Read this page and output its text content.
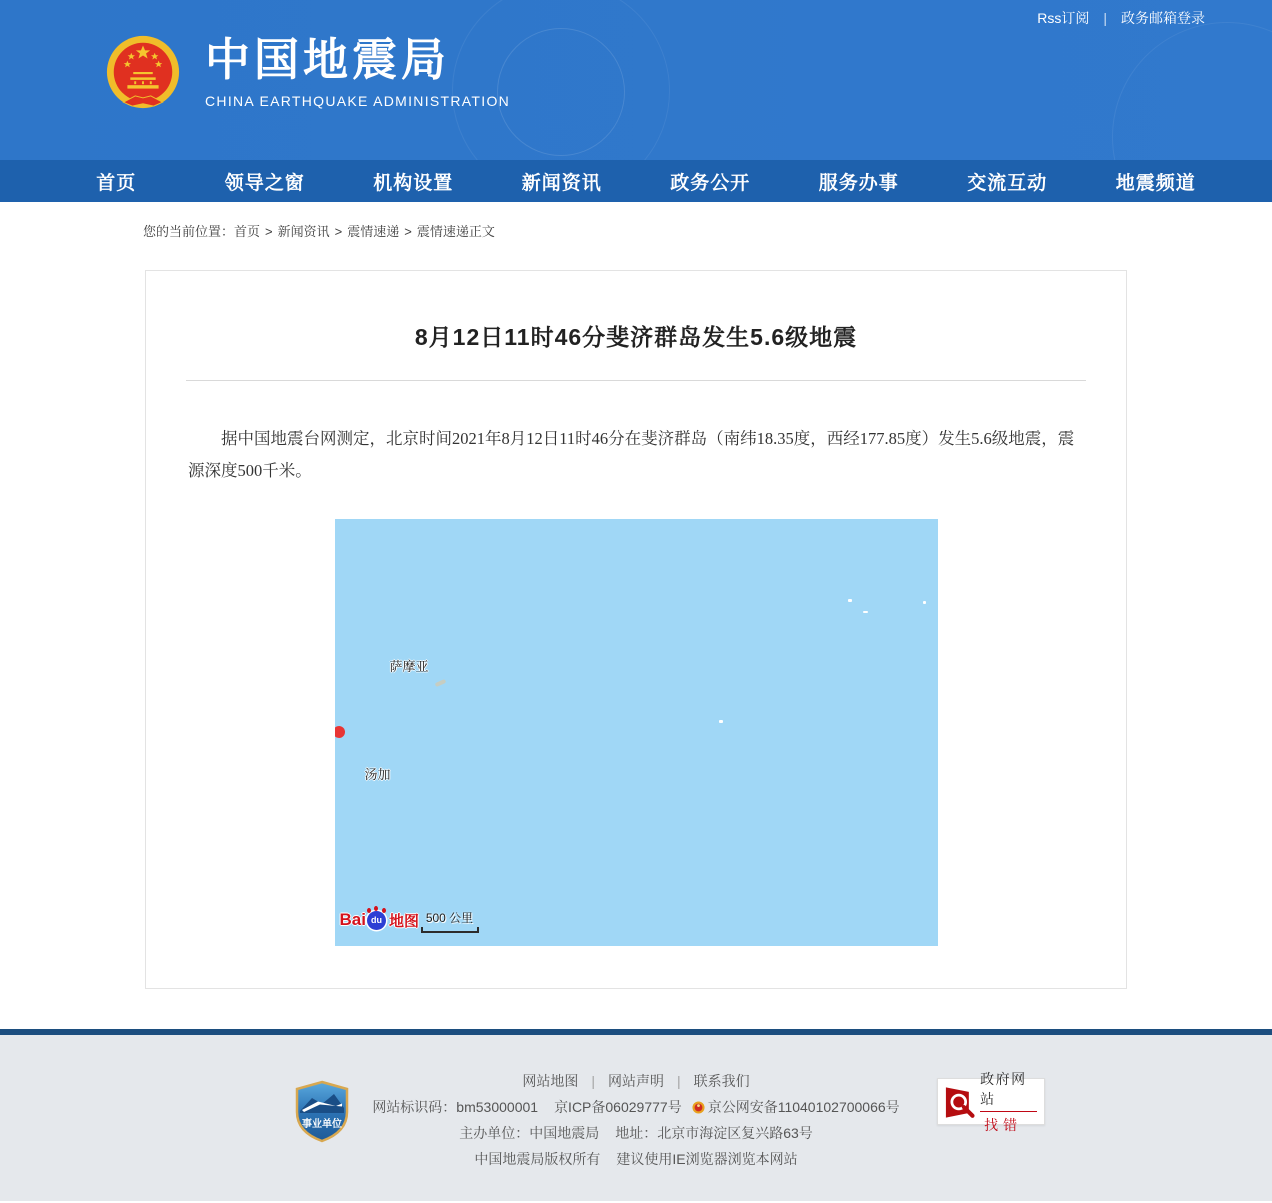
Rss订阅 | 政务邮箱登录
中国地震局
CHINA EARTHQUAKE ADMINISTRATION
首页	领导之窗	机构设置	新闻资讯	政务公开	服务办事	交流互动	地震频道
您的当前位置：首页 > 新闻资讯 > 震情速递 > 震情速递正文
8月12日11时46分斐济群岛发生5.6级地震

据中国地震台网测定，北京时间2021年8月12日11时46分在斐济群岛（南纬18.35度，西经177.85度）发生5.6级地震，震源深度500千米。

萨摩亚
汤加
Bai du 地图 500 公里
事业单位
网站地图 | 网站声明 | 联系我们
网站标识码：bm53000001 京ICP备06029777号 京公网安备11040102700066号
主办单位：中国地震局 地址：北京市海淀区复兴路63号
中国地震局版权所有 建议使用IE浏览器浏览本网站
政府网站
找错
